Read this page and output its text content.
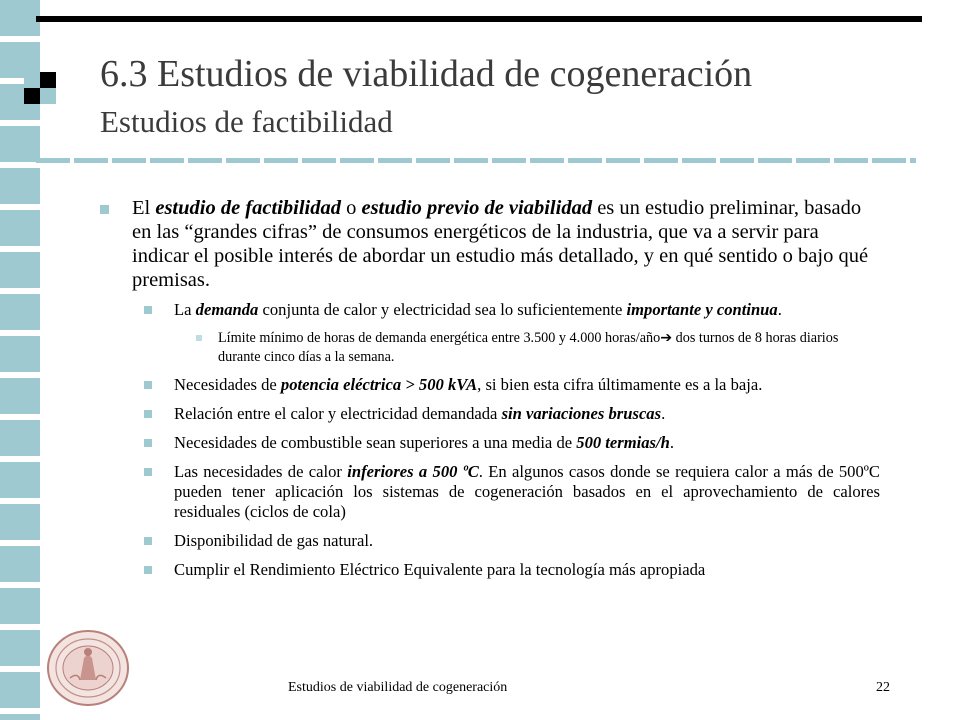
6.3 Estudios de viabilidad de cogeneración
Estudios de factibilidad
El estudio de factibilidad o estudio previo de viabilidad es un estudio preliminar, basado en las “grandes cifras” de consumos energéticos de la industria, que va a servir para indicar el posible interés de abordar un estudio más detallado, y en qué sentido o bajo qué premisas.
La demanda conjunta de calor y electricidad sea lo suficientemente importante y continua.
Límite mínimo de horas de demanda energética entre 3.500 y 4.000 horas/año➔ dos turnos de 8 horas diarios durante cinco días a la semana.
Necesidades de potencia eléctrica > 500 kVA, si bien esta cifra últimamente es a la baja.
Relación entre el calor y electricidad demandada sin variaciones bruscas.
Necesidades de combustible sean superiores a una media de 500 termias/h.
Las necesidades de calor inferiores a 500 ºC. En algunos casos donde se requiera calor a más de 500ºC pueden tener aplicación los sistemas de cogeneración basados en el aprovechamiento de calores residuales (ciclos de cola)
Disponibilidad de gas natural.
Cumplir el Rendimiento Eléctrico Equivalente para la tecnología más apropiada
Estudios de viabilidad de cogeneración	22
